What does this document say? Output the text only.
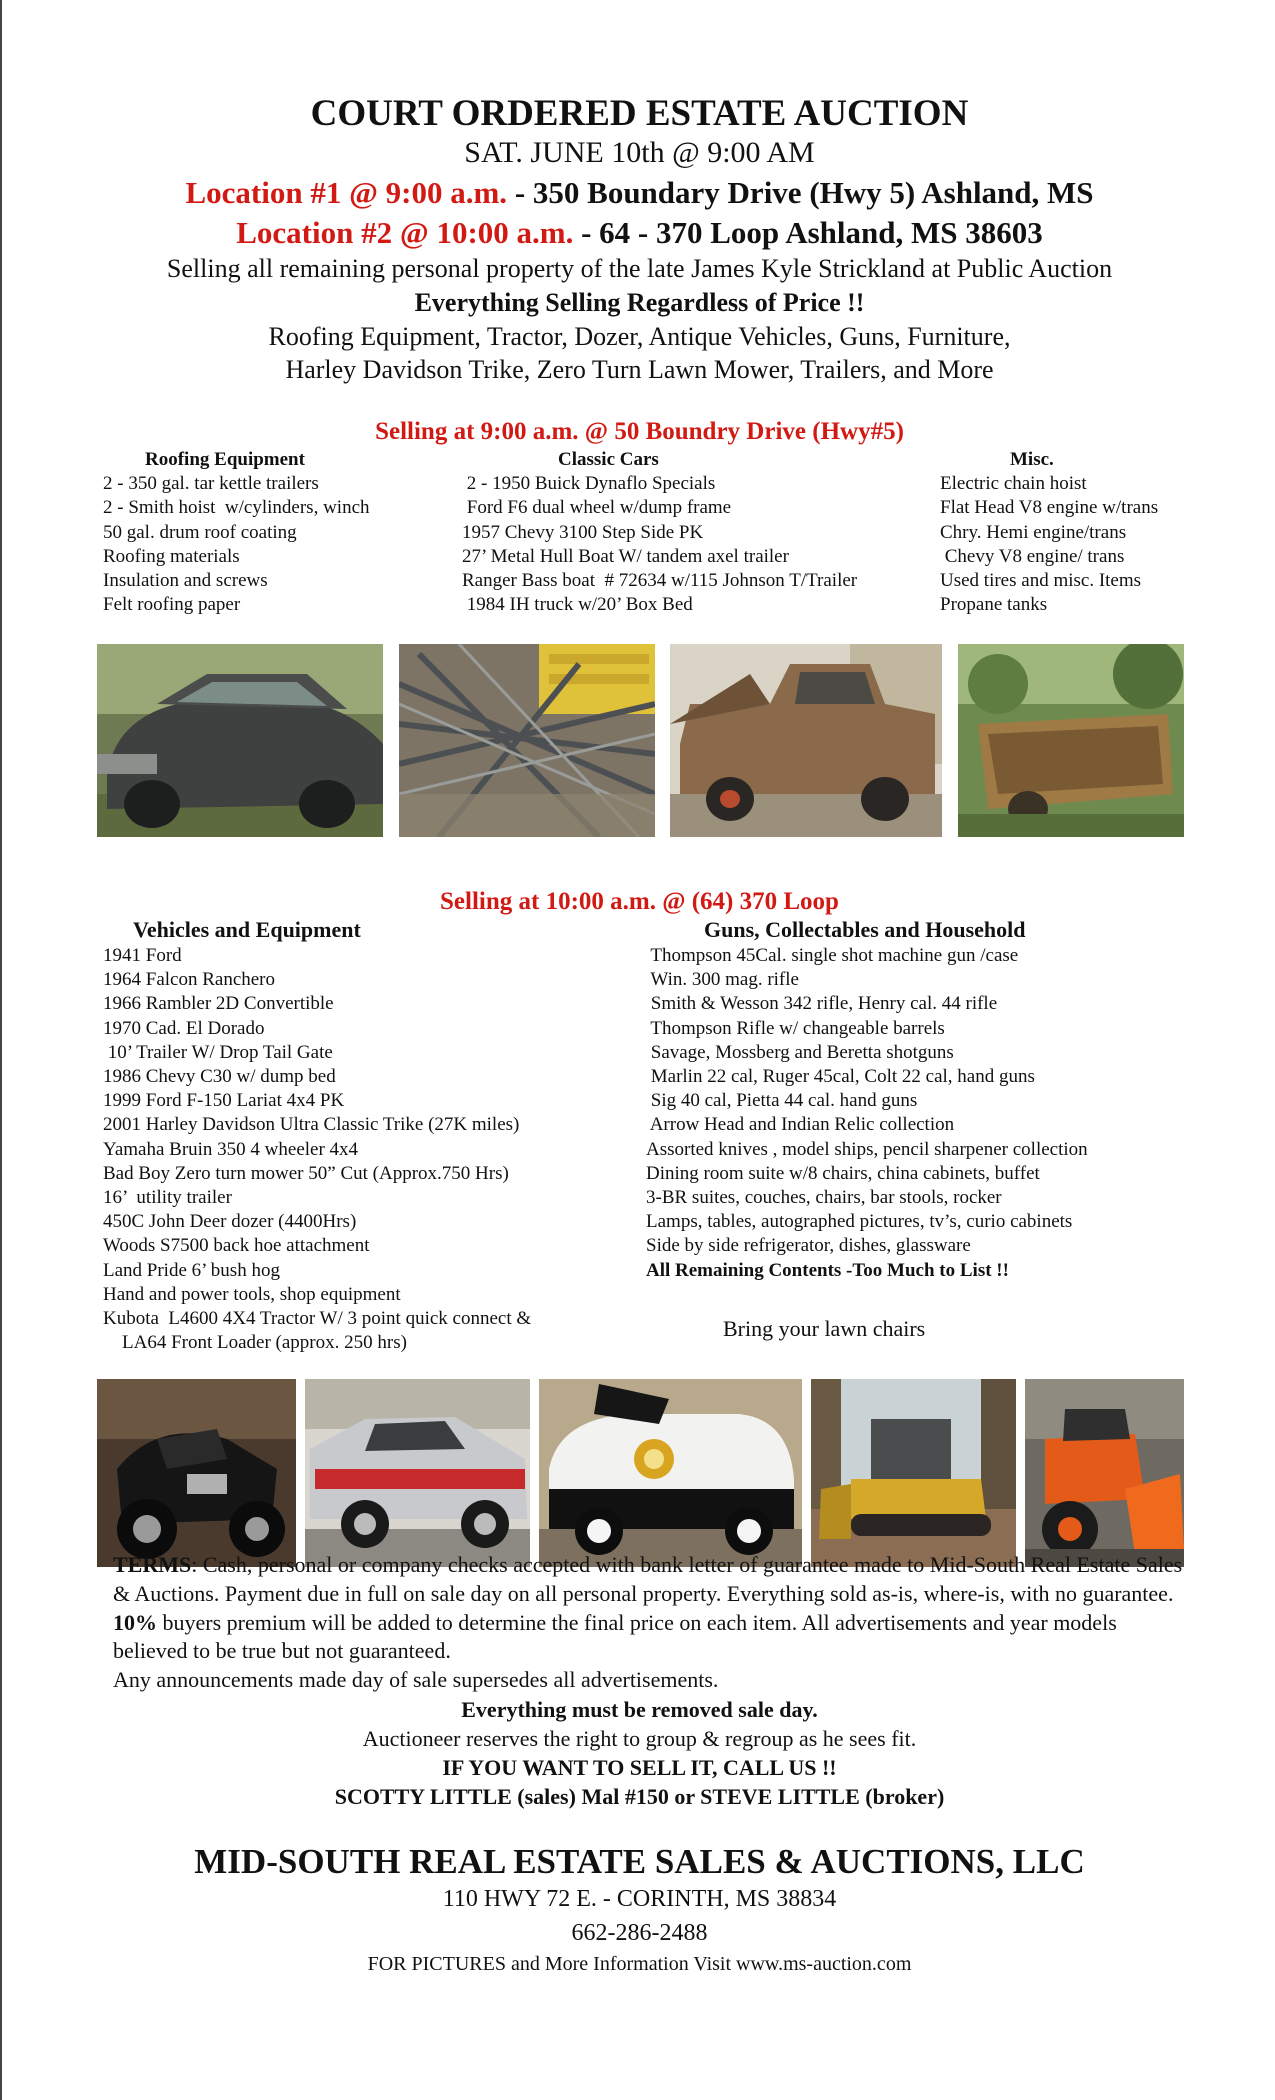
COURT ORDERED ESTATE AUCTION
SAT. JUNE 10th @ 9:00 AM
Location #1 @ 9:00 a.m. - 350 Boundary Drive (Hwy 5) Ashland, MS
Location #2 @ 10:00 a.m. - 64 - 370 Loop Ashland, MS 38603
Selling all remaining personal property of the late James Kyle Strickland at Public Auction
Everything Selling Regardless of Price !!
Roofing Equipment, Tractor, Dozer, Antique Vehicles, Guns, Furniture,
Harley Davidson Trike, Zero Turn Lawn Mower, Trailers, and More
Selling at 9:00 a.m. @ 50 Boundry Drive (Hwy#5)
Roofing Equipment
2 - 350 gal. tar kettle trailers
2 - Smith hoist  w/cylinders, winch
50 gal. drum roof coating
Roofing materials
Insulation and screws
Felt roofing paper
Classic Cars
2 - 1950 Buick Dynaflo Specials
Ford F6 dual wheel w/dump frame
1957 Chevy 3100 Step Side PK
27’ Metal Hull Boat W/ tandem axel trailer
Ranger Bass boat  # 72634 w/115 Johnson T/Trailer
1984 IH truck w/20’ Box Bed
Misc.
Electric chain hoist
Flat Head V8 engine w/trans
Chry. Hemi engine/trans
Chevy V8 engine/ trans
Used tires and misc. Items
Propane tanks
Selling at 10:00 a.m. @ (64) 370 Loop
Vehicles and Equipment
1941 Ford
1964 Falcon Ranchero
1966 Rambler 2D Convertible
1970 Cad. El Dorado
10’ Trailer W/ Drop Tail Gate
1986 Chevy C30 w/ dump bed
1999 Ford F-150 Lariat 4x4 PK
2001 Harley Davidson Ultra Classic Trike (27K miles)
Yamaha Bruin 350 4 wheeler 4x4
Bad Boy Zero turn mower 50” Cut (Approx.750 Hrs)
16’  utility trailer
450C John Deer dozer (4400Hrs)
Woods S7500 back hoe attachment
Land Pride 6’ bush hog
Hand and power tools, shop equipment
Kubota  L4600 4X4 Tractor W/ 3 point quick connect &
LA64 Front Loader (approx. 250 hrs)
Guns, Collectables and Household
Thompson 45Cal. single shot machine gun /case
Win. 300 mag. rifle
Smith & Wesson 342 rifle, Henry cal. 44 rifle
Thompson Rifle w/ changeable barrels
Savage, Mossberg and Beretta shotguns
Marlin 22 cal, Ruger 45cal, Colt 22 cal, hand guns
Sig 40 cal, Pietta 44 cal. hand guns
Arrow Head and Indian Relic collection
Assorted knives , model ships, pencil sharpener collection
Dining room suite w/8 chairs, china cabinets, buffet
3-BR suites, couches, chairs, bar stools, rocker
Lamps, tables, autographed pictures, tv’s, curio cabinets
Side by side refrigerator, dishes, glassware
All Remaining Contents -Too Much to List !!
Bring your lawn chairs
TERMS: Cash, personal or company checks accepted with bank letter of guarantee made to Mid-South Real Estate Sales & Auctions. Payment due in full on sale day on all personal property. Everything sold as-is, where-is, with no guarantee. 10% buyers premium will be added to determine the final price on each item. All advertisements and year models believed to be true but not guaranteed.
Any announcements made day of sale supersedes all advertisements.
Everything must be removed sale day.
Auctioneer reserves the right to group & regroup as he sees fit.
IF YOU WANT TO SELL IT, CALL US !!
SCOTTY LITTLE (sales) Mal #150 or STEVE LITTLE (broker)
MID-SOUTH REAL ESTATE SALES & AUCTIONS, LLC
110 HWY 72 E. - CORINTH, MS 38834
662-286-2488
FOR PICTURES and More Information Visit www.ms-auction.com
